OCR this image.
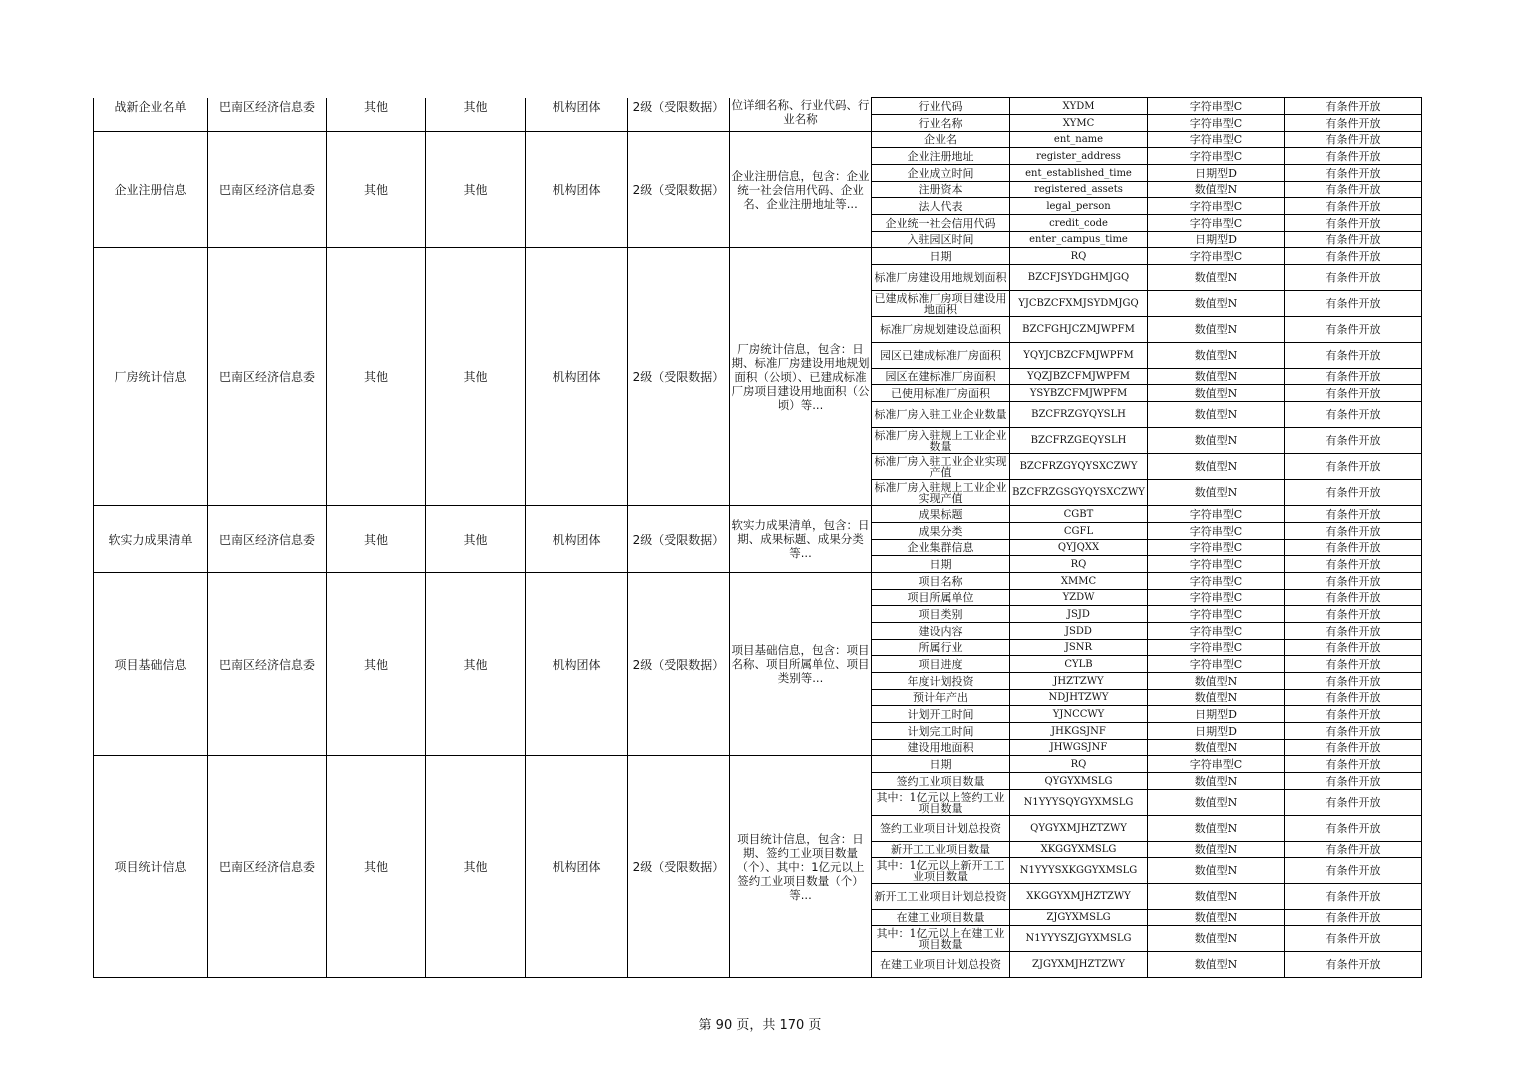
战新企业名单	巴南区经济信息委	其他	其他	机构团体	2级（受限数据）	位详细名称、行业代码、行业名称	行业代码	XYDM	字符串型C	有条件开放
							行业名称	XYMC	字符串型C	有条件开放
企业注册信息	巴南区经济信息委	其他	其他	机构团体	2级（受限数据）	企业注册信息，包含：企业统一社会信用代码、企业名、企业注册地址等...	企业名	ent_name	字符串型C	有条件开放
							企业注册地址	register_address	字符串型C	有条件开放
							企业成立时间	ent_established_time	日期型D	有条件开放
							注册资本	registered_assets	数值型N	有条件开放
							法人代表	legal_person	字符串型C	有条件开放
							企业统一社会信用代码	credit_code	字符串型C	有条件开放
							入驻园区时间	enter_campus_time	日期型D	有条件开放
厂房统计信息	巴南区经济信息委	其他	其他	机构团体	2级（受限数据）	厂房统计信息，包含：日期、标准厂房建设用地规划面积（公顷）、已建成标准厂房项目建设用地面积（公顷）等...	日期	RQ	字符串型C	有条件开放
							标准厂房建设用地规划面积	BZCFJSYDGHMJGQ	数值型N	有条件开放
							已建成标准厂房项目建设用地面积	YJCBZCFXMJSYDMJGQ	数值型N	有条件开放
							标准厂房规划建设总面积	BZCFGHJCZMJWPFM	数值型N	有条件开放
							园区已建成标准厂房面积	YQYJCBZCFMJWPFM	数值型N	有条件开放
							园区在建标准厂房面积	YQZJBZCFMJWPFM	数值型N	有条件开放
							已使用标准厂房面积	YSYBZCFMJWPFM	数值型N	有条件开放
							标准厂房入驻工业企业数量	BZCFRZGYQYSLH	数值型N	有条件开放
							标准厂房入驻规上工业企业数量	BZCFRZGEQYSLH	数值型N	有条件开放
							标准厂房入驻工业企业实现产值	BZCFRZGYQYSXCZWY	数值型N	有条件开放
							标准厂房入驻规上工业企业实现产值	BZCFRZGSGYQYSXCZWY	数值型N	有条件开放
软实力成果清单	巴南区经济信息委	其他	其他	机构团体	2级（受限数据）	软实力成果清单，包含：日期、成果标题、成果分类等...	成果标题	CGBT	字符串型C	有条件开放
							成果分类	CGFL	字符串型C	有条件开放
							企业集群信息	QYJQXX	字符串型C	有条件开放
							日期	RQ	字符串型C	有条件开放
项目基础信息	巴南区经济信息委	其他	其他	机构团体	2级（受限数据）	项目基础信息，包含：项目名称、项目所属单位、项目类别等...	项目名称	XMMC	字符串型C	有条件开放
							项目所属单位	YZDW	字符串型C	有条件开放
							项目类别	JSJD	字符串型C	有条件开放
							建设内容	JSDD	字符串型C	有条件开放
							所属行业	JSNR	字符串型C	有条件开放
							项目进度	CYLB	字符串型C	有条件开放
							年度计划投资	JHZTZWY	数值型N	有条件开放
							预计年产出	NDJHTZWY	数值型N	有条件开放
							计划开工时间	YJNCCWY	日期型D	有条件开放
							计划完工时间	JHKGSJNF	日期型D	有条件开放
							建设用地面积	JHWGSJNF	数值型N	有条件开放
项目统计信息	巴南区经济信息委	其他	其他	机构团体	2级（受限数据）	项目统计信息，包含：日期、签约工业项目数量（个）、其中：1亿元以上签约工业项目数量（个）等...	日期	RQ	字符串型C	有条件开放
							签约工业项目数量	QYGYXMSLG	数值型N	有条件开放
							其中：1亿元以上签约工业项目数量	N1YYYSQYGYXMSLG	数值型N	有条件开放
							签约工业项目计划总投资	QYGYXMJHZTZWY	数值型N	有条件开放
							新开工工业项目数量	XKGGYXMSLG	数值型N	有条件开放
							其中：1亿元以上新开工工业项目数量	N1YYYSXKGGYXMSLG	数值型N	有条件开放
							新开工工业项目计划总投资	XKGGYXMJHZTZWY	数值型N	有条件开放
							在建工业项目数量	ZJGYXMSLG	数值型N	有条件开放
							其中：1亿元以上在建工业项目数量	N1YYYSZJGYXMSLG	数值型N	有条件开放
							在建工业项目计划总投资	ZJGYXMJHZTZWY	数值型N	有条件开放
第 90 页，共 170 页
